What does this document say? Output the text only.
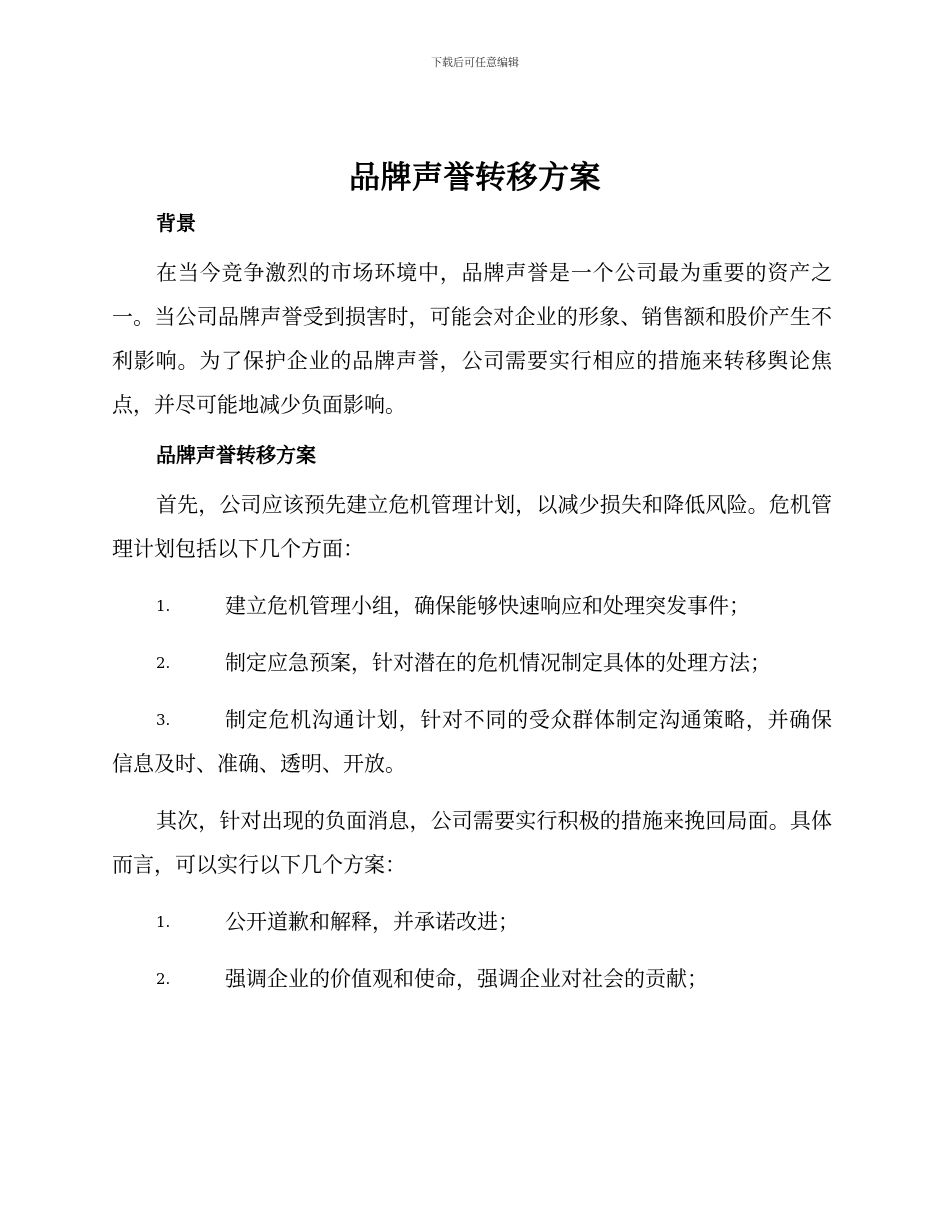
下载后可任意编辑
品牌声誉转移方案

背景

在当今竞争激烈的市场环境中，品牌声誉是一个公司最为重要的资产之一。当公司品牌声誉受到损害时，可能会对企业的形象、销售额和股价产生不利影响。为了保护企业的品牌声誉，公司需要实行相应的措施来转移舆论焦点，并尽可能地减少负面影响。

品牌声誉转移方案

首先，公司应该预先建立危机管理计划，以减少损失和降低风险。危机管理计划包括以下几个方面：

1.	建立危机管理小组，确保能够快速响应和处理突发事件；
2.	制定应急预案，针对潜在的危机情况制定具体的处理方法；
3.	制定危机沟通计划，针对不同的受众群体制定沟通策略，并确保信息及时、准确、透明、开放。

其次，针对出现的负面消息，公司需要实行积极的措施来挽回局面。具体而言，可以实行以下几个方案：

1.	公开道歉和解释，并承诺改进；
2.	强调企业的价值观和使命，强调企业对社会的贡献；
